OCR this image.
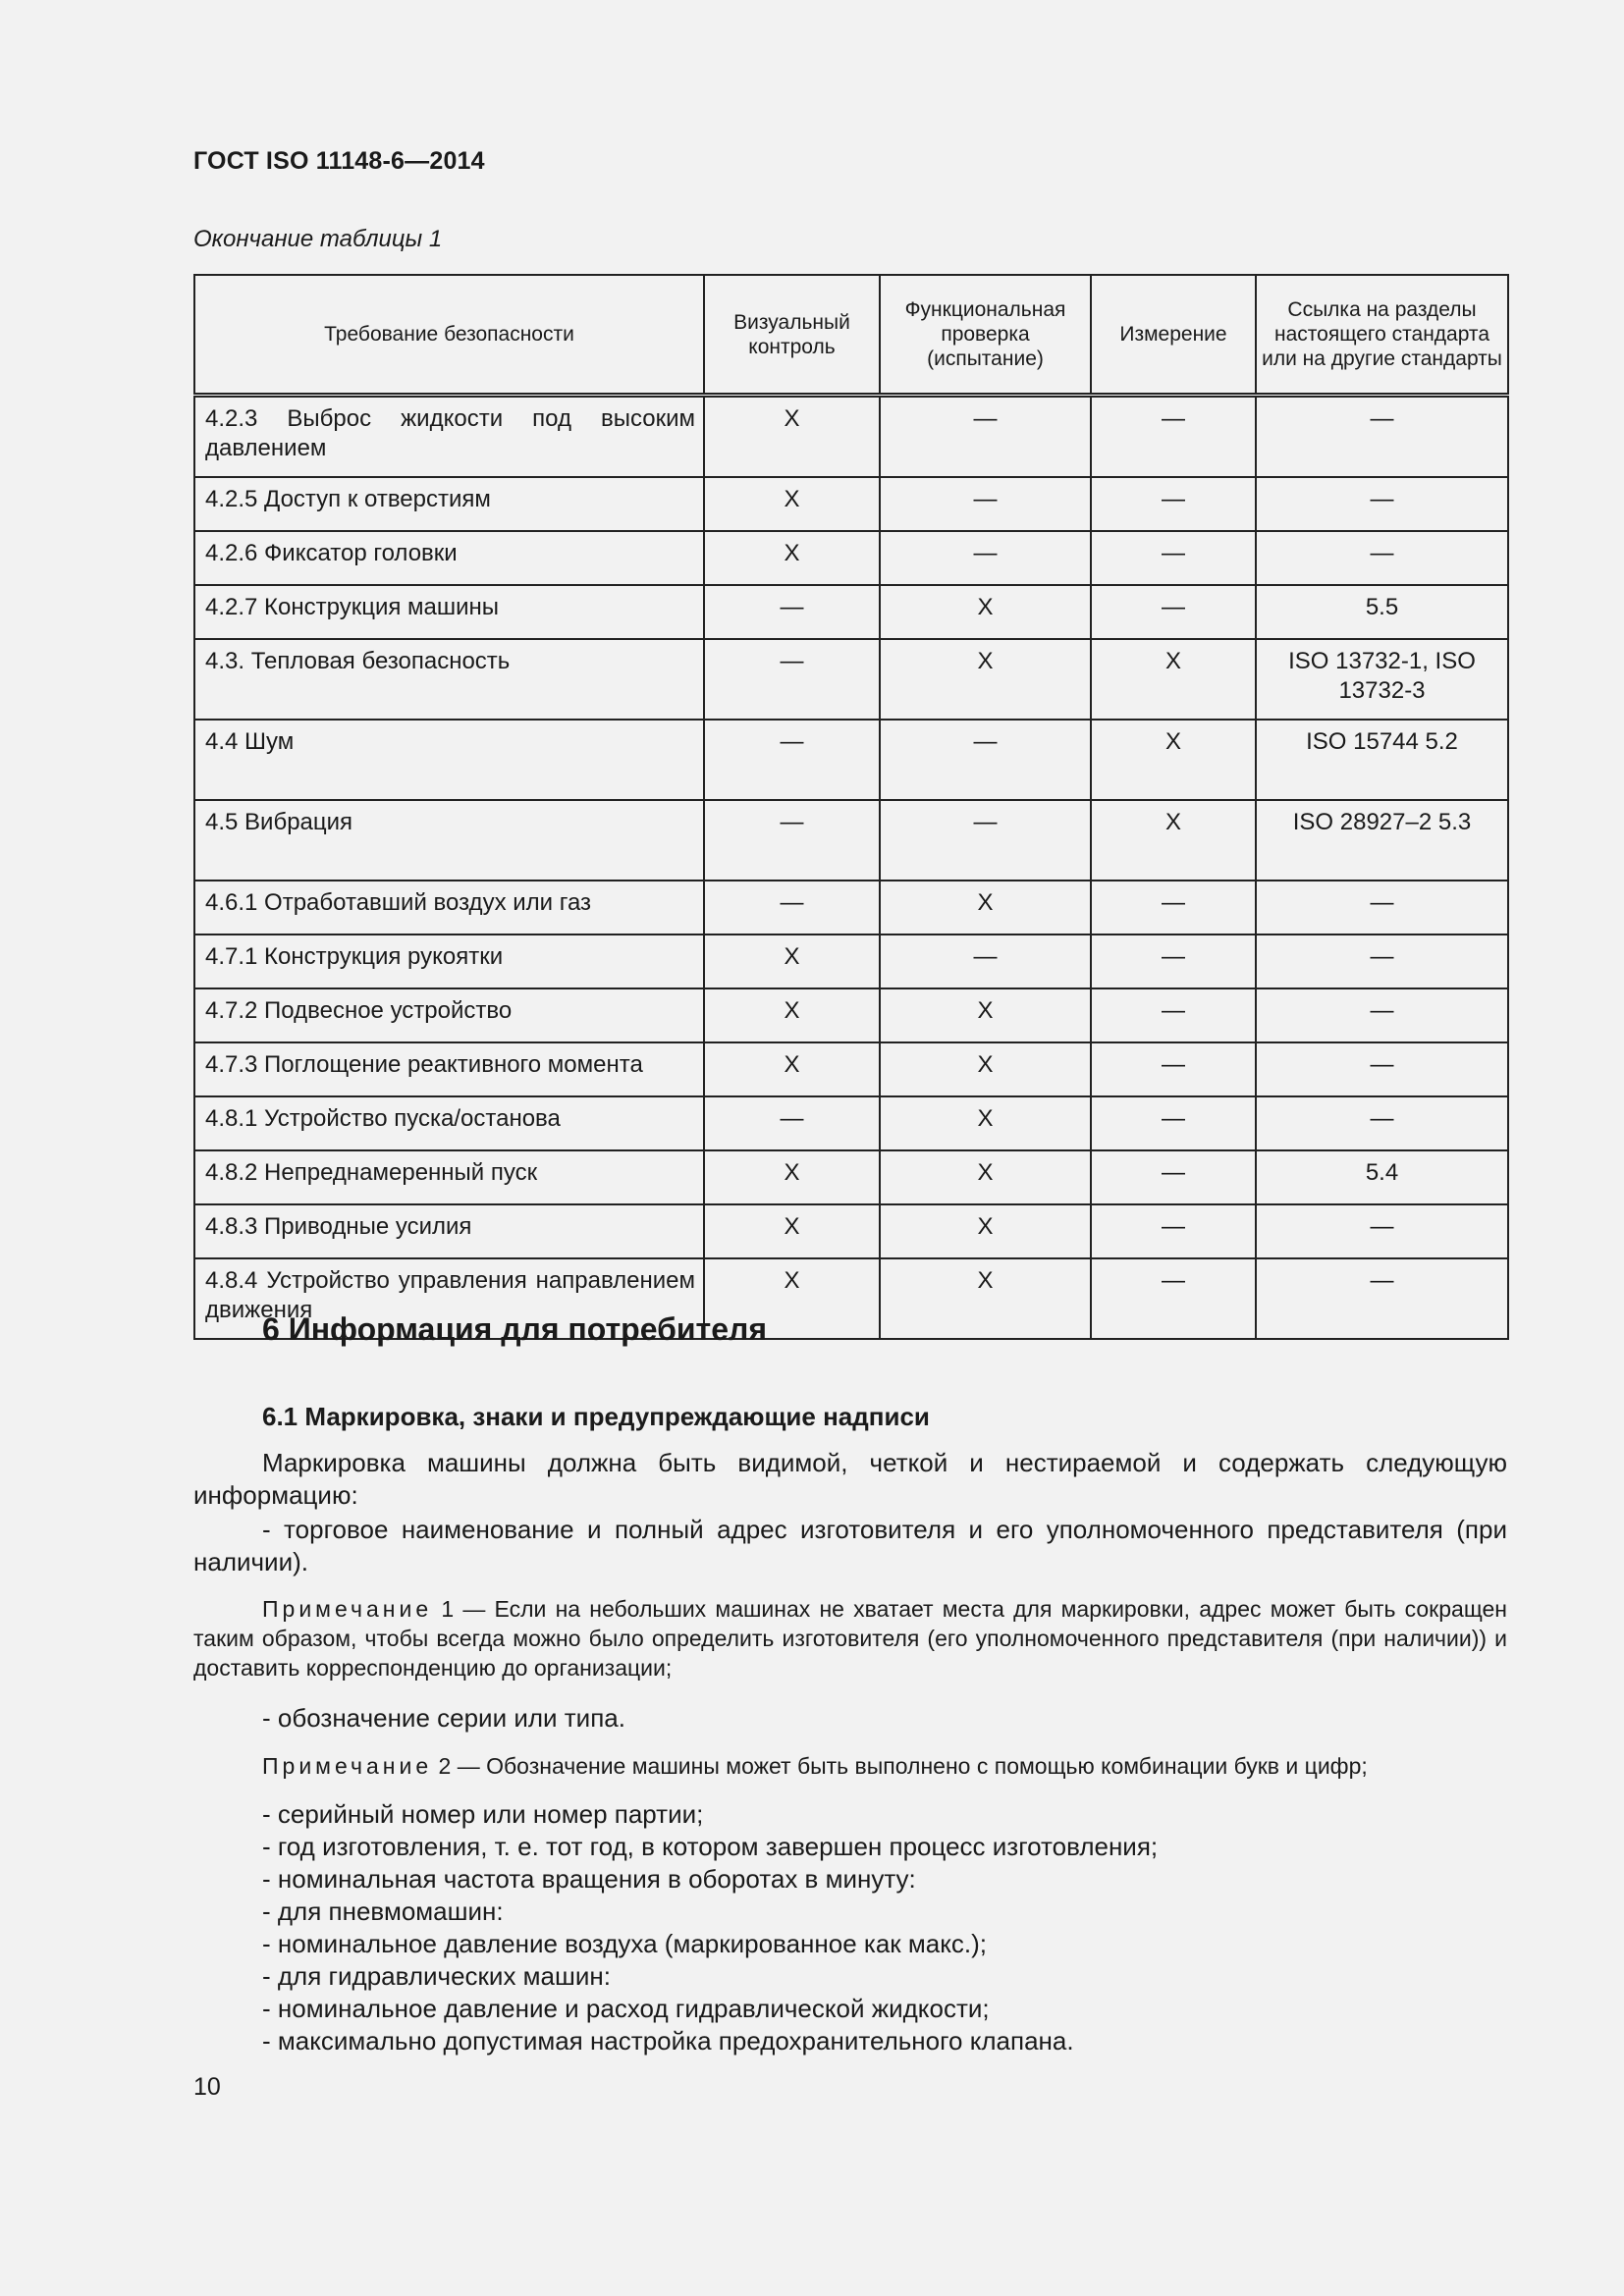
ГОСТ ISO 11148-6—2014
Окончание таблицы 1
Требование безопасности	Визуальный контроль	Функциональная проверка (испытание)	Измерение	Ссылка на разделы настоящего стандарта или на другие стандарты
4.2.3 Выброс жидкости под высоким давлением	X	—	—	—
4.2.5 Доступ к отверстиям	X	—	—	—
4.2.6 Фиксатор головки	X	—	—	—
4.2.7 Конструкция машины	—	X	—	5.5
4.3. Тепловая безопасность	—	X	X	ISO 13732-1, ISO 13732-3
4.4 Шум	—	—	X	ISO 15744 5.2
4.5 Вибрация	—	—	X	ISO 28927–2 5.3
4.6.1 Отработавший воздух или газ	—	X	—	—
4.7.1 Конструкция рукоятки	X	—	—	—
4.7.2 Подвесное устройство	X	X	—	—
4.7.3 Поглощение реактивного момента	X	X	—	—
4.8.1 Устройство пуска/останова	—	X	—	—
4.8.2 Непреднамеренный пуск	X	X	—	5.4
4.8.3 Приводные усилия	X	X	—	—
4.8.4 Устройство управления направлением движения	X	X	—	—
6 Информация для потребителя
6.1 Маркировка, знаки и предупреждающие надписи
Маркировка машины должна быть видимой, четкой и нестираемой и содержать следующую информацию:
- торговое наименование и полный адрес изготовителя и его уполномоченного представителя (при наличии).
Примечание 1 — Если на небольших машинах не хватает места для маркировки, адрес может быть сокращен таким образом, чтобы всегда можно было определить изготовителя (его уполномоченного представителя (при наличии)) и доставить корреспонденцию до организации;
- обозначение серии или типа.
Примечание 2 — Обозначение машины может быть выполнено с помощью комбинации букв и цифр;
- серийный номер или номер партии;
- год изготовления, т. е. тот год, в котором завершен процесс изготовления;
- номинальная частота вращения в оборотах в минуту:
- для пневмомашин:
- номинальное давление воздуха (маркированное как макс.);
- для гидравлических машин:
- номинальное давление и расход гидравлической жидкости;
- максимально допустимая настройка предохранительного клапана.
10
